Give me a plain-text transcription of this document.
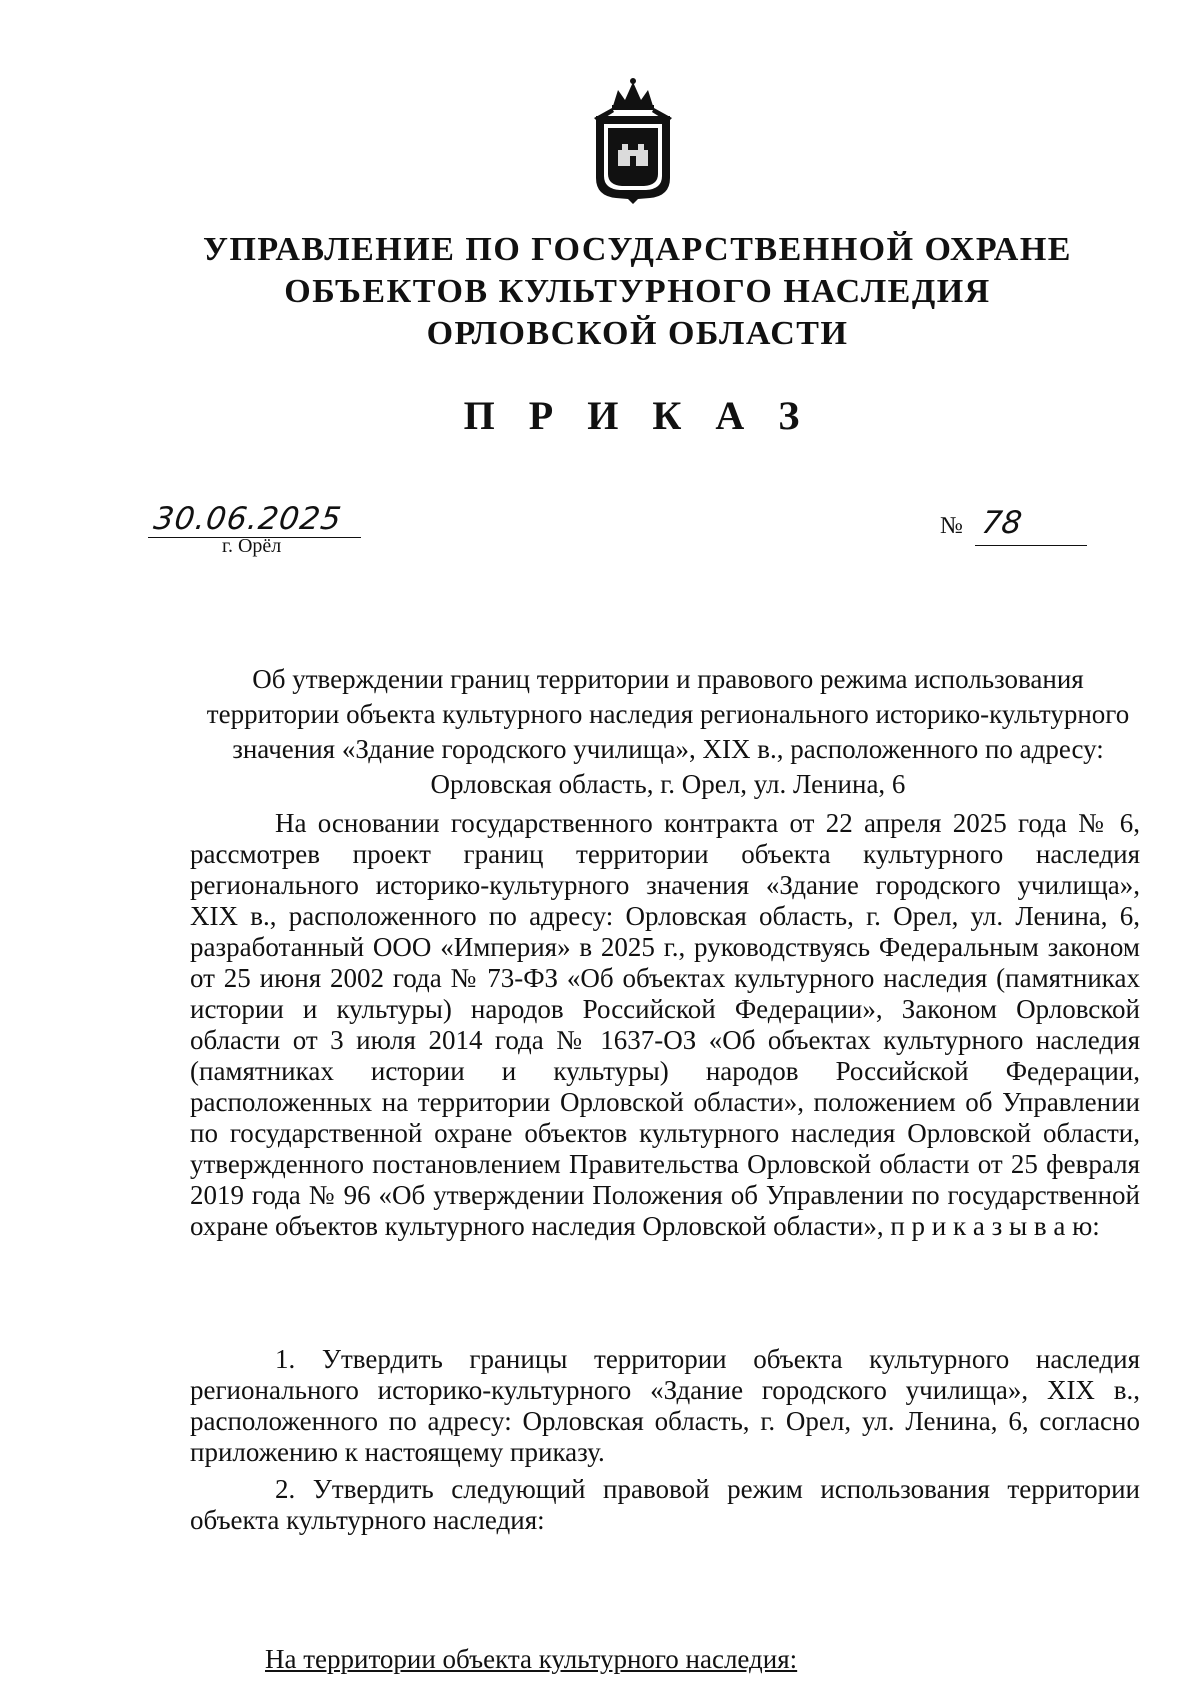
УПРАВЛЕНИЕ ПО ГОСУДАРСТВЕННОЙ ОХРАНЕ
ОБЪЕКТОВ КУЛЬТУРНОГО НАСЛЕДИЯ
ОРЛОВСКОЙ ОБЛАСТИ
П Р И К А З
30.06.2025
г. Орёл
№ 78
Об утверждении границ территории и правового режима использования
территории объекта культурного наследия регионального историко-культурного
значения «Здание городского училища», XIX в., расположенного по адресу:
Орловская область, г. Орел, ул. Ленина, 6

На основании государственного контракта от 22 апреля 2025 года № 6, рассмотрев проект границ территории объекта культурного наследия регионального историко-культурного значения «Здание городского училища», XIX в., расположенного по адресу: Орловская область, г. Орел, ул. Ленина, 6, разработанный ООО «Империя» в 2025 г., руководствуясь Федеральным законом от 25 июня 2002 года № 73-ФЗ «Об объектах культурного наследия (памятниках истории и культуры) народов Российской Федерации», Законом Орловской области от 3 июля 2014 года № 1637-ОЗ «Об объектах культурного наследия (памятниках истории и культуры) народов Российской Федерации, расположенных на территории Орловской области», положением об Управлении по государственной охране объектов культурного наследия Орловской области, утвержденного постановлением Правительства Орловской области от 25 февраля 2019 года № 96 «Об утверждении Положения об Управлении по государственной охране объектов культурного наследия Орловской области», п р и к а з ы в а ю:

1. Утвердить границы территории объекта культурного наследия регионального историко-культурного «Здание городского училища», XIX в., расположенного по адресу: Орловская область, г. Орел, ул. Ленина, 6, согласно приложению к настоящему приказу.

2. Утвердить следующий правовой режим использования территории объекта культурного наследия:

На территории объекта культурного наследия:
